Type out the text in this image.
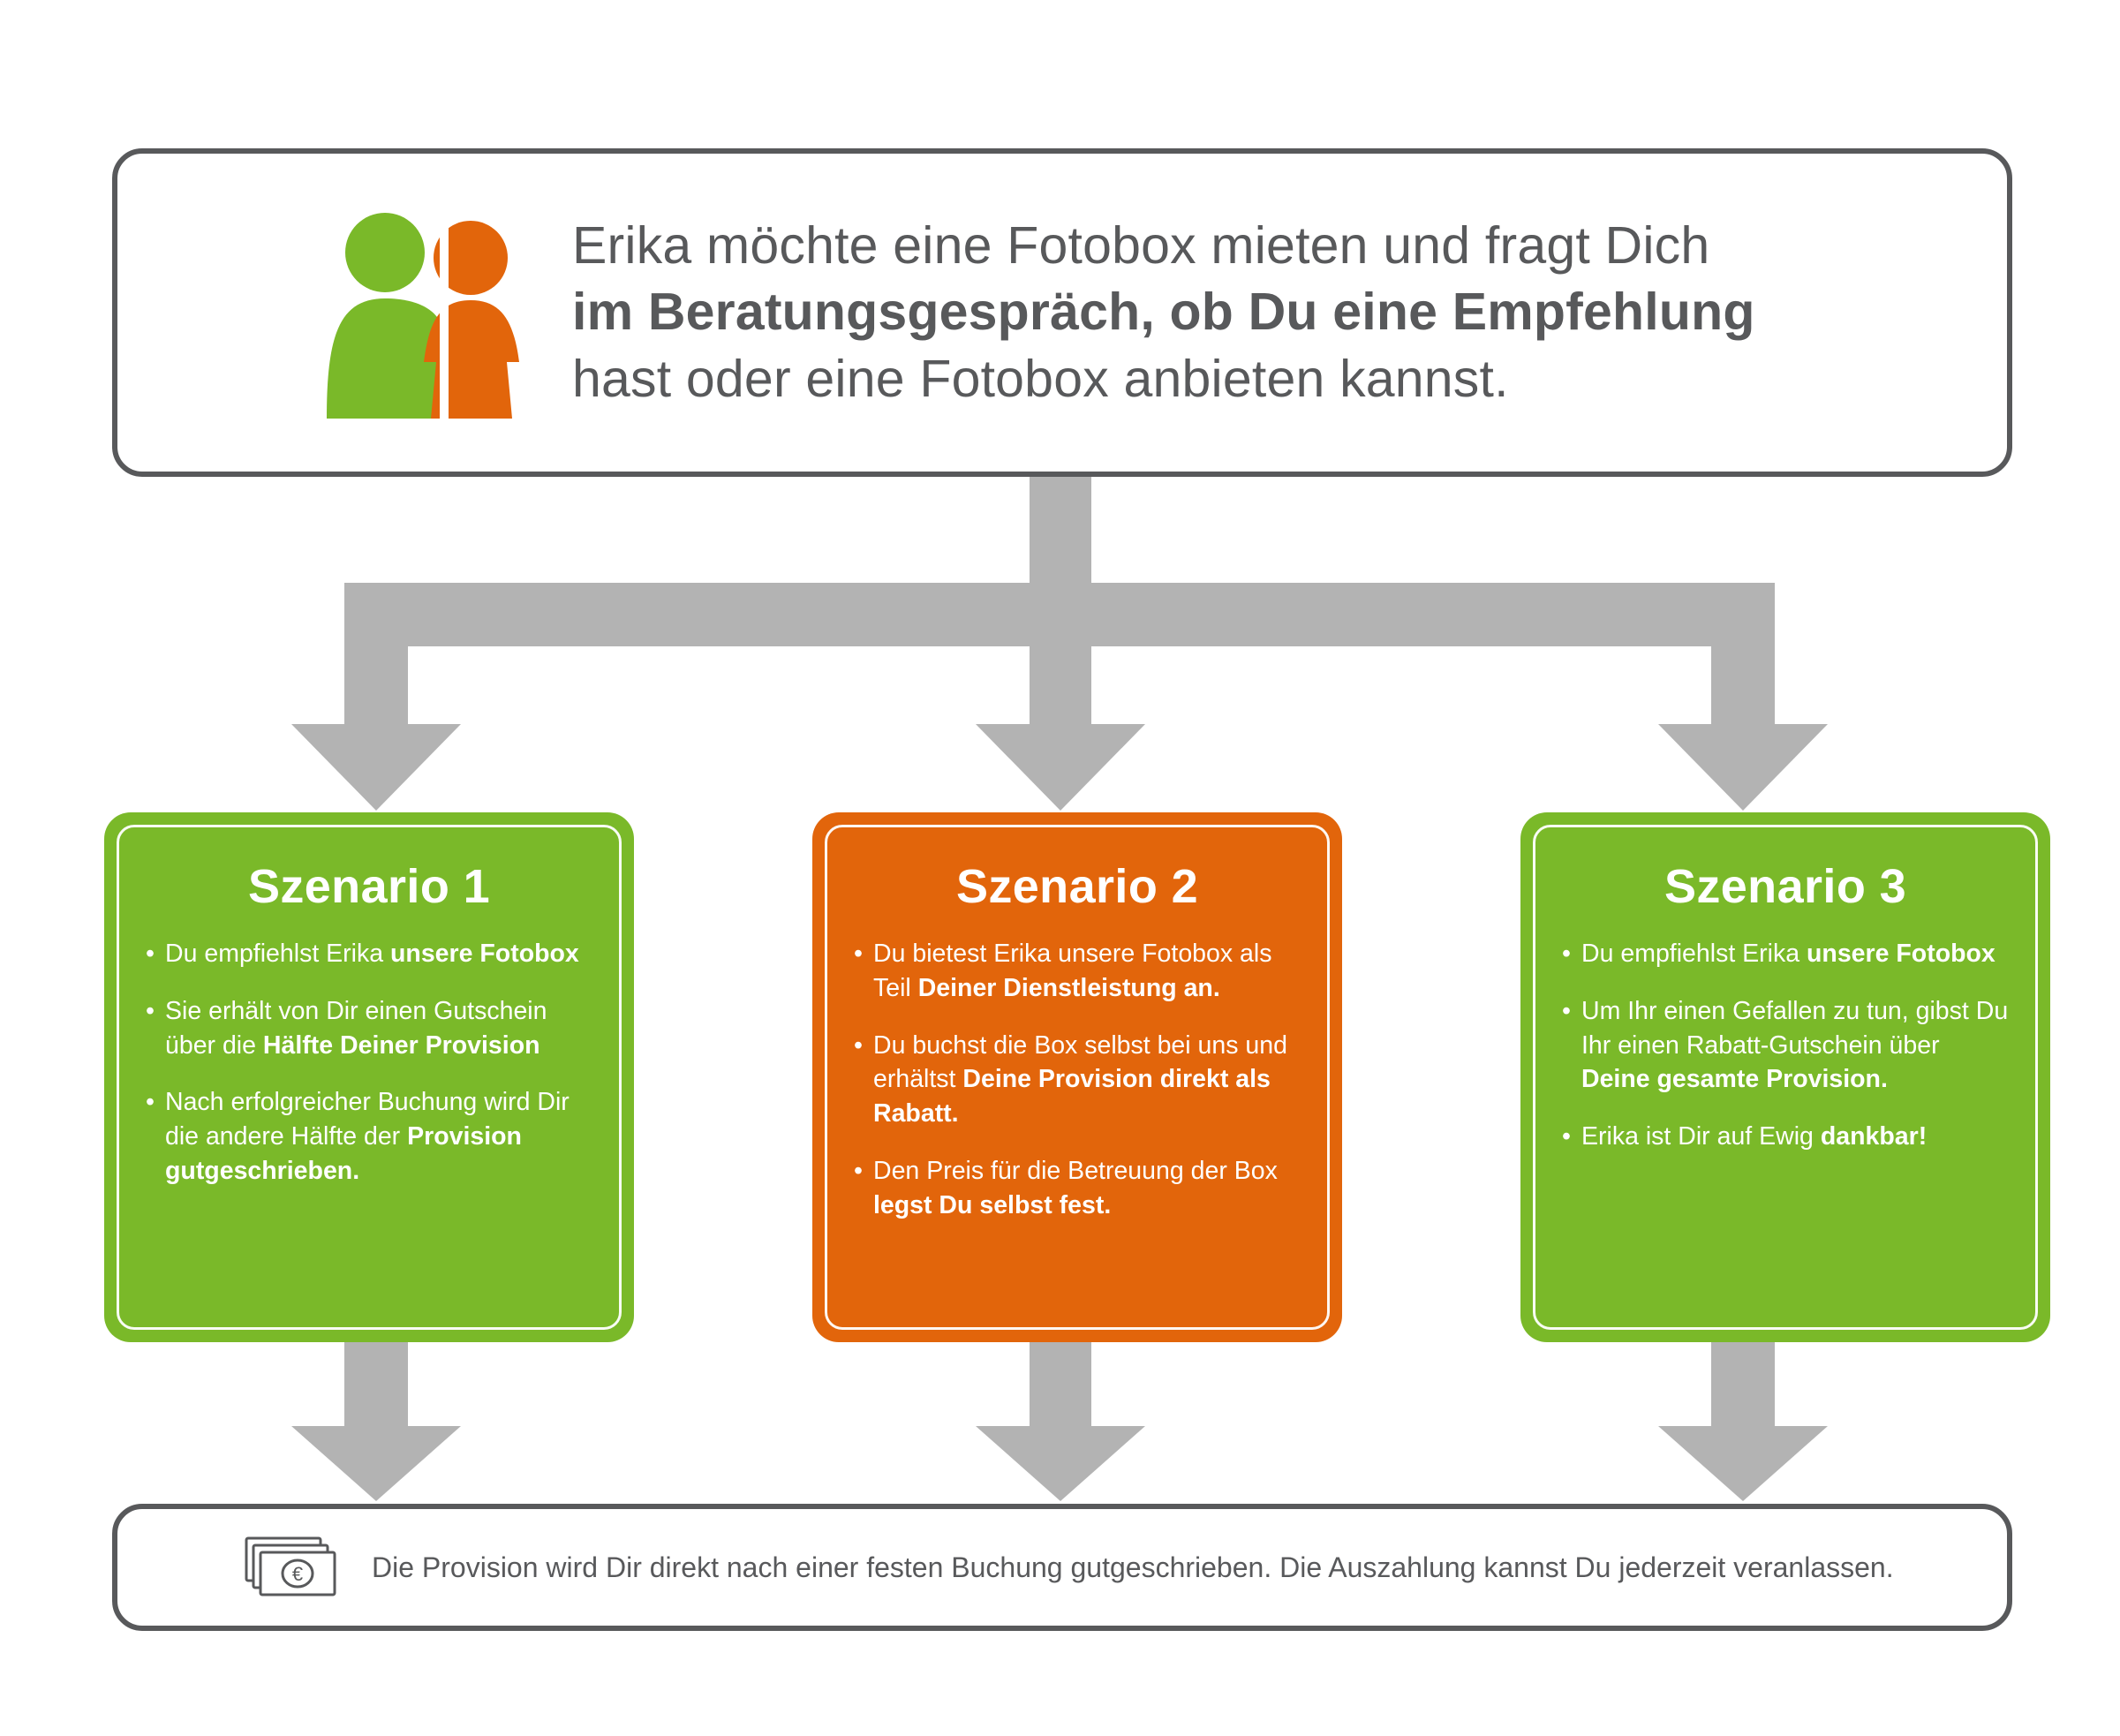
Erika möchte eine Fotobox mieten und fragt Dich
im Beratungsgespräch, ob Du eine Empfehlung
hast oder eine Fotobox anbieten kannst.
Szenario 1
• Du empfiehlst Erika unsere Fotobox
• Sie erhält von Dir einen Gutschein über die Hälfte Deiner Provision
• Nach erfolgreicher Buchung wird Dir die andere Hälfte der Provision gutgeschrieben.
Szenario 2
• Du bietest Erika unsere Fotobox als Teil Deiner Dienstleistung an.
• Du buchst die Box selbst bei uns und erhältst Deine Provision direkt als Rabatt.
• Den Preis für die Betreuung der Box legst Du selbst fest.
Szenario 3
• Du empfiehlst Erika unsere Fotobox
• Um Ihr einen Gefallen zu tun, gibst Du Ihr einen Rabatt-Gutschein über Deine gesamte Provision.
• Erika ist Dir auf Ewig dankbar!
€ Die Provision wird Dir direkt nach einer festen Buchung gutgeschrieben. Die Auszahlung kannst Du jederzeit veranlassen.
